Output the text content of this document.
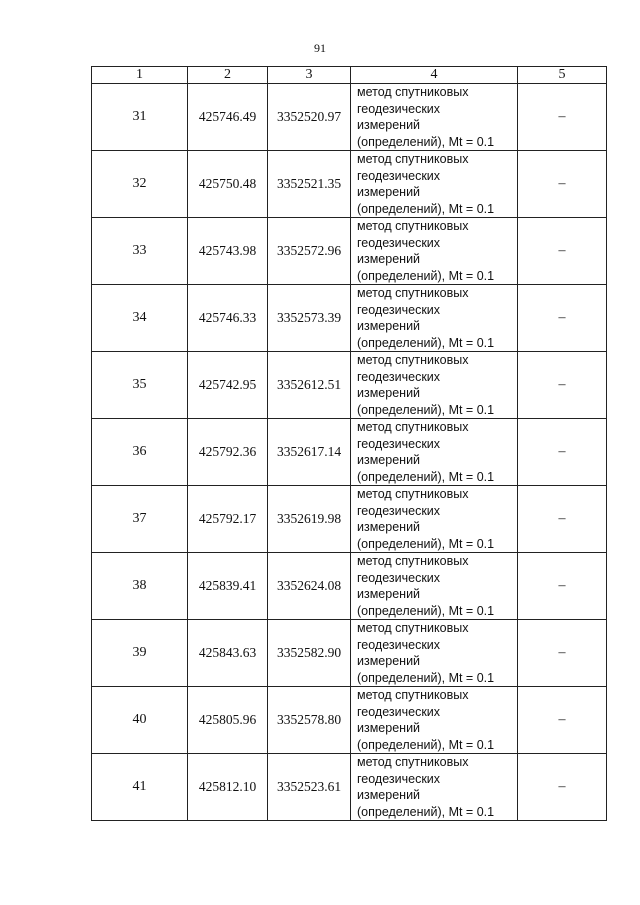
91
1	2	3	4	5
31	425746.49	3352520.97	метод спутниковых
геодезических
измерений
(определений), Mt = 0.1	–
32	425750.48	3352521.35	метод спутниковых
геодезических
измерений
(определений), Mt = 0.1	–
33	425743.98	3352572.96	метод спутниковых
геодезических
измерений
(определений), Mt = 0.1	–
34	425746.33	3352573.39	метод спутниковых
геодезических
измерений
(определений), Mt = 0.1	–
35	425742.95	3352612.51	метод спутниковых
геодезических
измерений
(определений), Mt = 0.1	–
36	425792.36	3352617.14	метод спутниковых
геодезических
измерений
(определений), Mt = 0.1	–
37	425792.17	3352619.98	метод спутниковых
геодезических
измерений
(определений), Mt = 0.1	–
38	425839.41	3352624.08	метод спутниковых
геодезических
измерений
(определений), Mt = 0.1	–
39	425843.63	3352582.90	метод спутниковых
геодезических
измерений
(определений), Mt = 0.1	–
40	425805.96	3352578.80	метод спутниковых
геодезических
измерений
(определений), Mt = 0.1	–
41	425812.10	3352523.61	метод спутниковых
геодезических
измерений
(определений), Mt = 0.1	–
